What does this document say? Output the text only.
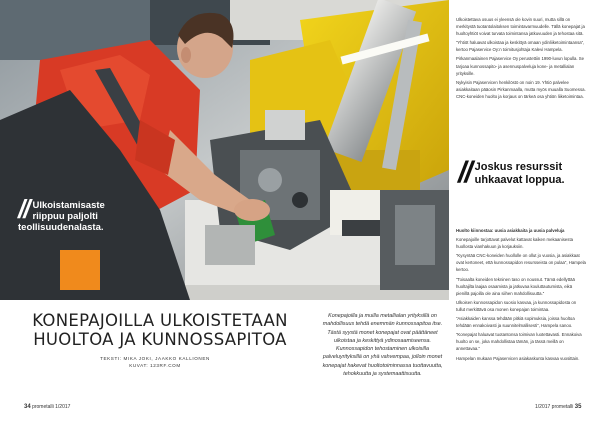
// Ulkoistamisaste riippuu paljolti teollisuudenalasta.
KONEPAJOILLA ULKOISTETAAN HUOLTOA JA KUNNOSSAPITOA
TEKSTI: MIKA JOKI, JAAKKO KALLIONEN
KUVAT: 123RF.COM
Konepajoilla ja muilla metallialan yrityksillä on mahdollisuus tehdä enemmän kunnossapitoa itse. Tästä syystä monet konepajat ovat päättäneet ulkoistaa ja keskittyä ydinosaamiseensa. Kunnossapidon tehostaminen ulkoisilla palveluyrityksillä on yhä vahvempaa, jolloin monet konepajat hakevat huoltotoiminnassa tuottavuutta, tehokkuutta ja systemaattisuutta.

Ulkoistettava osuus ei yleensä ole kovin suuri, mutta sillä on merkitystä tuotantolaitoksen toimintavarmuudelle. Tällä konepajat ja huoltoyhtiöt voivat turvata toimintansa jatkuvuuden ja tehostaa sitä.

”Yhtiöt haluavat ulkoistaa ja keskittyä omaan ydinliiketoimintaansa”, kertoo Pajaservice Oy:n toimitusjohtaja Kalevi Hampela.

Pirkanmaalainen Pajaservice Oy perustettiin 1990-luvun lopulla. Se tarjoaa kunnossapito- ja asennuspalveluja kone- ja metallialan yrityksille.

Nykyisin Pajaservicen henkilöstö on noin 19. Yhtiö palvelee asiakkaitaan pääosin Pirkanmaalla, mutta myös muualla Suomessa. CNC-koneiden huolto ja korjaus on tärkeä osa yhtiön liiketoimintaa.

// Joskus resurssit uhkaavat loppua.

Huolto kiinnostaa: uusia asiakkaita ja uusia palveluja

Konepajoille tarjottavat palvelut kattavat kaiken mekaanisesta huollosta vianhakuun ja korjauksiin.

”Kysyntää CNC-koneiden huollolle on ollut jo vuosia, ja asiakkaat ovat kertoneet, että kunnossapidon resursseista on pulaa”, Hampela kertoo.

”Toisaalta koneiden tekninen taso on noussut. Tämä edellyttää huoltajilta laajaa osaamista ja jatkuvaa kouluttautumista, eikä pienillä pajoilla ole aina siihen mahdollisuutta.”

Ulkoisen kunnossapidon suosio kasvaa, ja kunnossapidosta on tullut merkittävä osa monen konepajan toimintaa.

”Asiakkaiden kanssa tehdään pitkiä sopimuksia, joissa huoltoa tehdään ennakoivasti ja suunnitelmallisesti”, Hampela sanoo.

”Konepajat haluavat tuotantonsa toimivan luotettavasti. Ennakoiva huolto on se, joka mahdollistaa tämän, ja tässä meillä on annettavaa.”

Hampelan mukaan Pajaservicen asiakaskunta kasvaa vuosittain.

34 prometalli 1/2017	1/2017 prometalli 35
